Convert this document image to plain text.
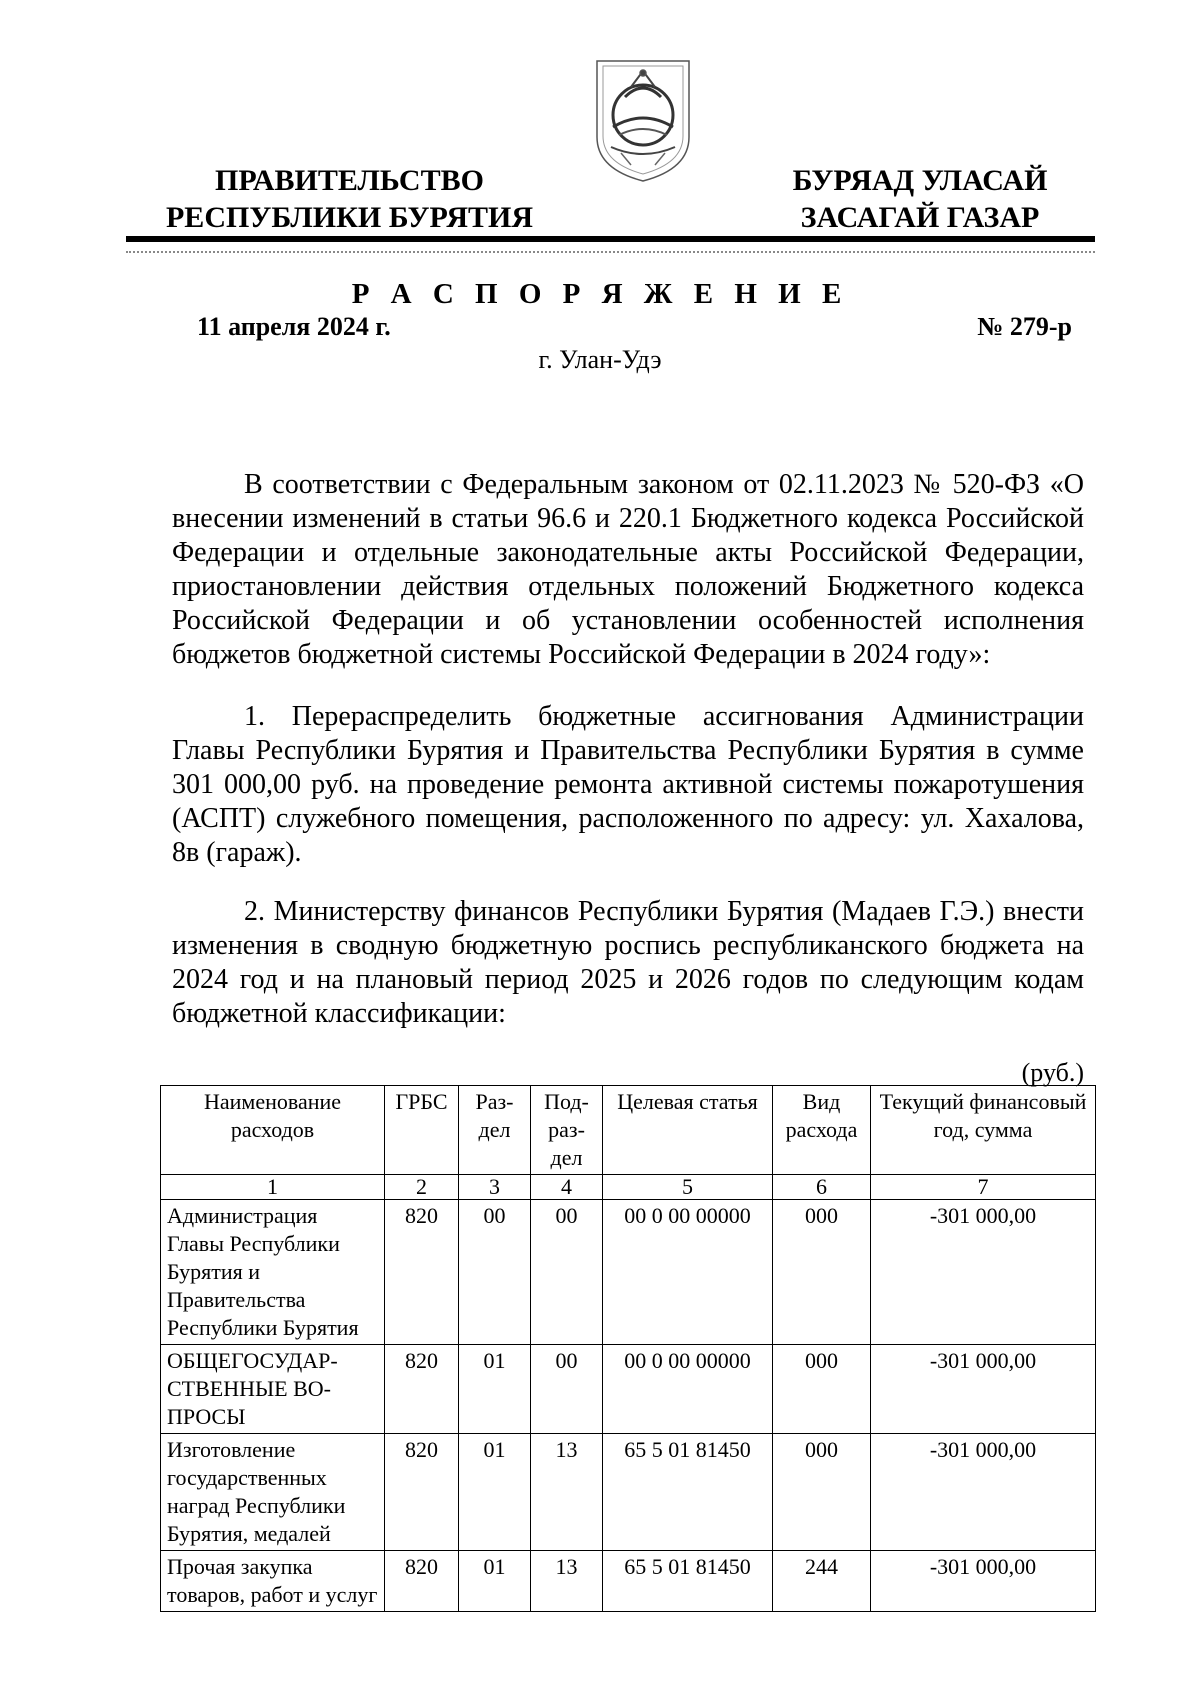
ПРАВИТЕЛЬСТВО
РЕСПУБЛИКИ БУРЯТИЯ
БУРЯАД УЛАСАЙ
ЗАСАГАЙ ГАЗАР
Р А С П О Р Я Ж Е Н И Е
11 апреля 2024 г.	№ 279-р
г. Улан-Удэ

В соответствии с Федеральным законом от 02.11.2023 № 520-ФЗ «О внесении изменений в статьи 96.6 и 220.1 Бюджетного кодекса Российской Федерации и отдельные законодательные акты Российской Федерации, приостановлении действия отдельных положений Бюджетного кодекса Российской Федерации и об установлении особенностей исполнения бюджетов бюджетной системы Российской Федерации в 2024 году»:

1. Перераспределить бюджетные ассигнования Администрации Главы Республики Бурятия и Правительства Республики Бурятия в сумме 301 000,00 руб. на проведение ремонта активной системы пожаротушения (АСПТ) служебного помещения, расположенного по адресу: ул. Хахалова, 8в (гараж).

2. Министерству финансов Республики Бурятия (Мадаев Г.Э.) внести изменения в сводную бюджетную роспись республиканского бюджета на 2024 год и на плановый период 2025 и 2026 годов по следующим кодам бюджетной классификации:

(руб.)
Наименование расходов	ГРБС	Раз-дел	Под-раз-дел	Целевая статья	Вид расхода	Текущий финансовый год, сумма
1	2	3	4	5	6	7
Администрация Главы Республики Бурятия и Правительства Республики Бурятия	820	00	00	00 0 00 00000	000	-301 000,00
ОБЩЕГОСУДАР-СТВЕННЫЕ ВО-ПРОСЫ	820	01	00	00 0 00 00000	000	-301 000,00
Изготовление государственных наград Республики Бурятия, медалей	820	01	13	65 5 01 81450	000	-301 000,00
Прочая закупка товаров, работ и услуг	820	01	13	65 5 01 81450	244	-301 000,00
